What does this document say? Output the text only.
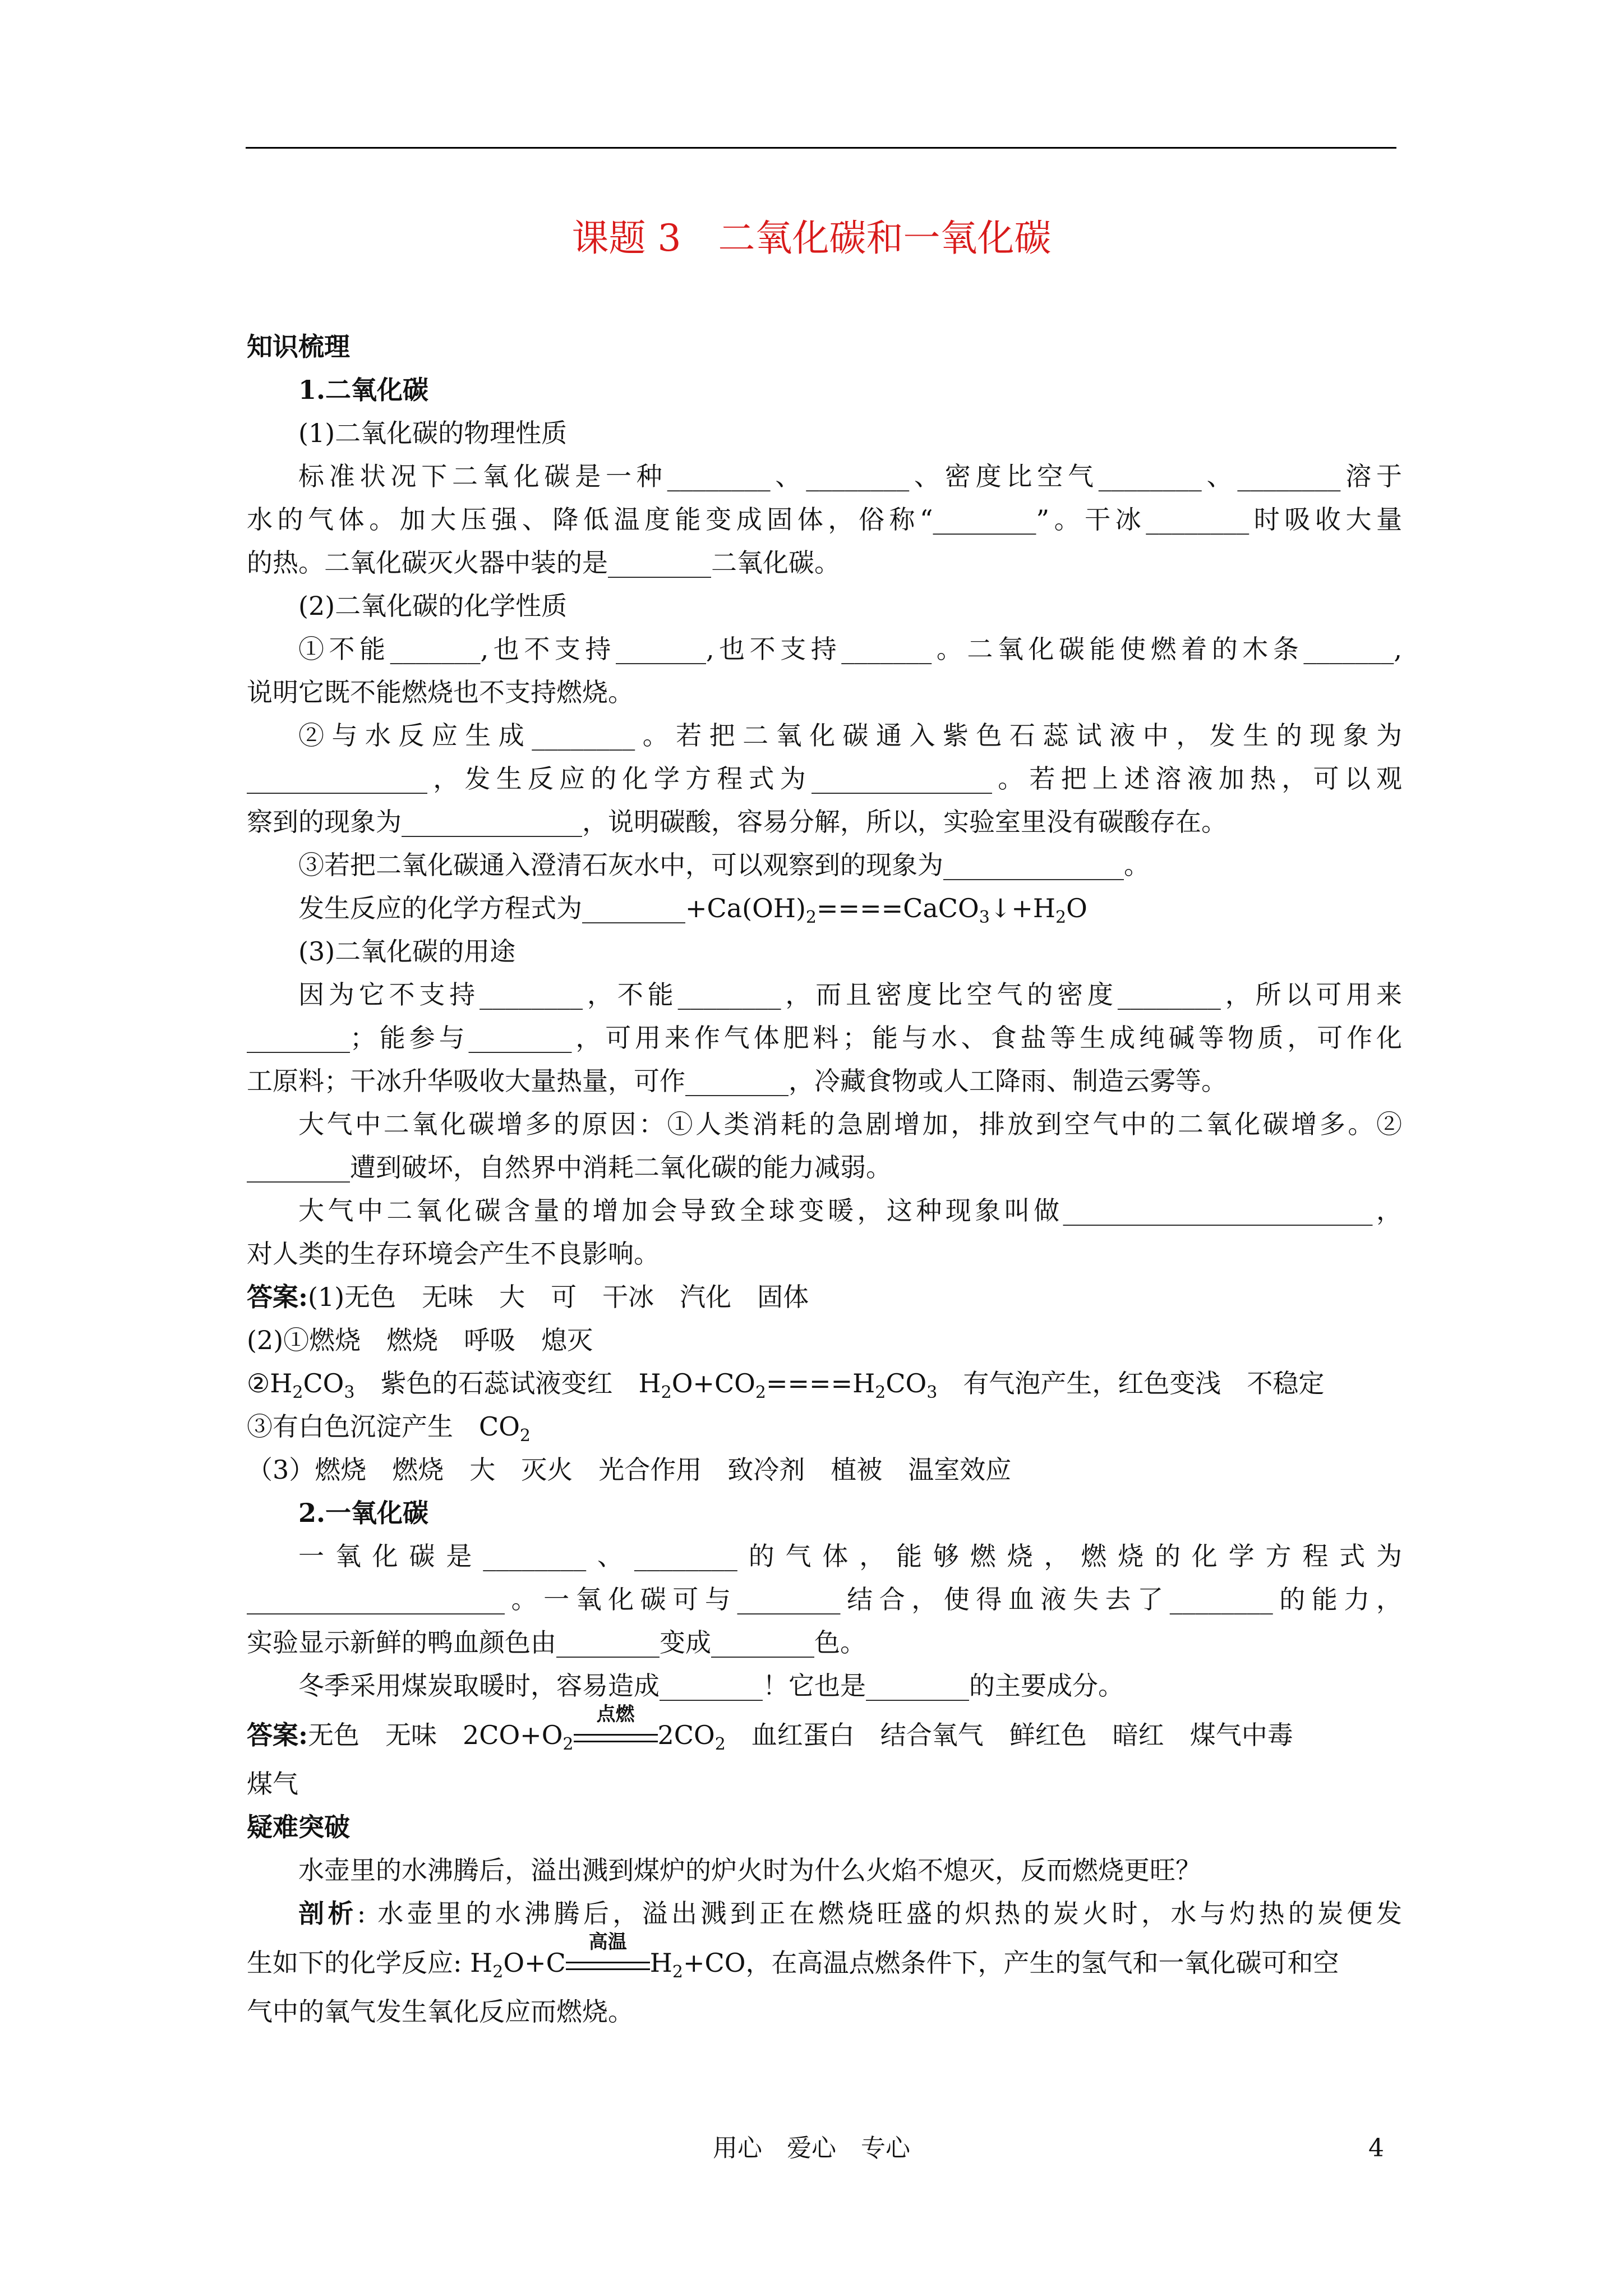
课题 3　二氧化碳和一氧化碳

知识梳理

1.二氧化碳

(1)二氧化碳的物理性质

标准状况下二氧化碳是一种________、________、密度比空气________、________溶于

水的气体。加大压强、降低温度能变成固体，俗称“________”。干冰________时吸收大量

的热。二氧化碳灭火器中装的是________二氧化碳。

(2)二氧化碳的化学性质

①不能_______,也不支持_______,也不支持_______。二氧化碳能使燃着的木条_______,

说明它既不能燃烧也不支持燃烧。

②与水反应生成________。若把二氧化碳通入紫色石蕊试液中，发生的现象为

______________，发生反应的化学方程式为______________。若把上述溶液加热，可以观

察到的现象为______________，说明碳酸，容易分解，所以，实验室里没有碳酸存在。

③若把二氧化碳通入澄清石灰水中，可以观察到的现象为______________。

发生反应的化学方程式为$\_\_\_\_\_\_\_\_+Ca(OH)_2====CaCO_3↓+H_2O$

(3)二氧化碳的用途

因为它不支持________，不能________，而且密度比空气的密度________，所以可用来

________；能参与________，可用来作气体肥料；能与水、食盐等生成纯碱等物质，可作化

工原料；干冰升华吸收大量热量，可作________，冷藏食物或人工降雨、制造云雾等。

大气中二氧化碳增多的原因：①人类消耗的急剧增加，排放到空气中的二氧化碳增多。②

________遭到破坏，自然界中消耗二氧化碳的能力减弱。

大气中二氧化碳含量的增加会导致全球变暖，这种现象叫做________________________，

对人类的生存环境会产生不良影响。

答案:(1)无色　无味　大　可　干冰　汽化　固体

(2)①燃烧　燃烧　呼吸　熄灭

$②H_2CO_3$　紫色的石蕊试液变红　$H_2O+CO_2====H_2CO_3$　有气泡产生，红色变浅　不稳定

③有白色沉淀产生　$CO_2$

（3）燃烧　燃烧　大　灭火　光合作用　致冷剂　植被　温室效应

2.一氧化碳

一氧化碳是________、________的气体，能够燃烧，燃烧的化学方程式为

____________________。一氧化碳可与________结合，使得血液失去了________的能力，

实验显示新鲜的鸭血颜色由________变成________色。

冬季采用煤炭取暖时，容易造成________！它也是________的主要成分。

答案:无色　无味　$2CO+O_2$
点燃
$2CO_2$　血红蛋白　结合氧气　鲜红色　暗红　煤气中毒

煤气

疑难突破

水壶里的水沸腾后，溢出溅到煤炉的炉火时为什么火焰不熄灭，反而燃烧更旺？

剖析: 水壶里的水沸腾后，溢出溅到正在燃烧旺盛的炽热的炭火时，水与灼热的炭便发

生如下的化学反应: $H_2O+C$
高温
$H_2+CO$，在高温点燃条件下，产生的氢气和一氧化碳可和空

气中的氧气发生氧化反应而燃烧。

用心　爱心　专心	4
